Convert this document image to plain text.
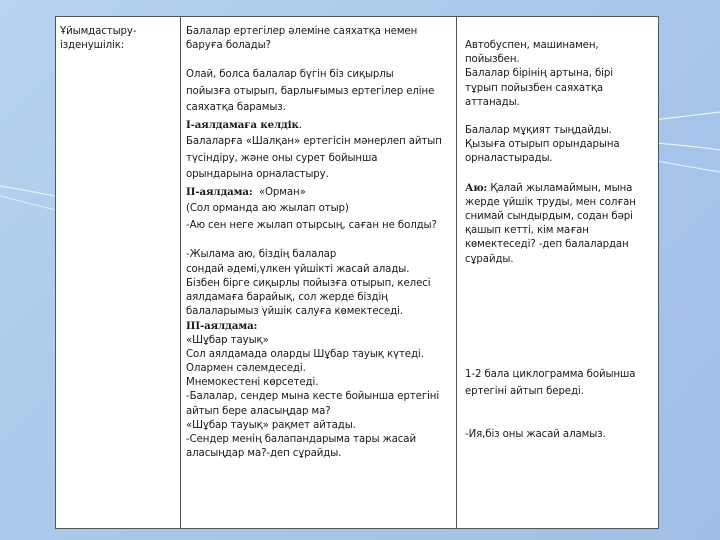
Ұйымдастыру-
ізденушілік:
Балалар ертегілер әлеміне саяхатқа немен
баруға болады?
Олай, болса балалар бүгін біз сиқырлы
пойызға отырып, барлығымыз ертегілер еліне
саяхатқа барамыз.
І-аялдамаға келдік.
Балаларға «Шалқан» ертегісін мәнерлеп айтып
түсіндіру, және оны сурет бойынша
орындарына орналастыру.
ІІ-аялдама: «Орман»
(Сол орманда аю жылап отыр)
-Аю сен неге жылап отырсың, саған не болды?
-Жылама аю, біздің балалар
сондай әдемі,үлкен үйшікті жасай алады.
Бізбен бірге сиқырлы пойызға отырып, келесі
аялдамаға барайық, сол жерде біздің
балаларымыз үйшік салуға көмектеседі.
ІІІ-аялдама:
«Шұбар тауық»
Сол аялдамада оларды Шұбар тауық күтеді.
Олармен сәлемдеседі.
Мнемокестені көрсетеді.
-Балалар, сендер мына кесте бойынша ертегіні
айтып бере аласыңдар ма?
«Шұбар тауық» рақмет айтады.
-Сендер менің балапандарыма тары жасай
аласыңдар ма?-деп сұрайды.
Автобуспен, машинамен,
пойызбен.
Балалар бірінің артына, бірі
тұрып пойызбен саяхатқа
аттанады.
Балалар мұқият тыңдайды.
Қызыға отырып орындарына
орналастырады.
Аю: Қалай жыламаймын, мына
жерде үйшік труды, мен солған
снимай сындырдым, содан бәрі
қашып кетті, кім маған
көмектеседі? -деп балалардан
сұрайды.
1-2 бала циклограмма бойынша
ертегіні айтып береді.
-Ия,біз оны жасай аламыз.
